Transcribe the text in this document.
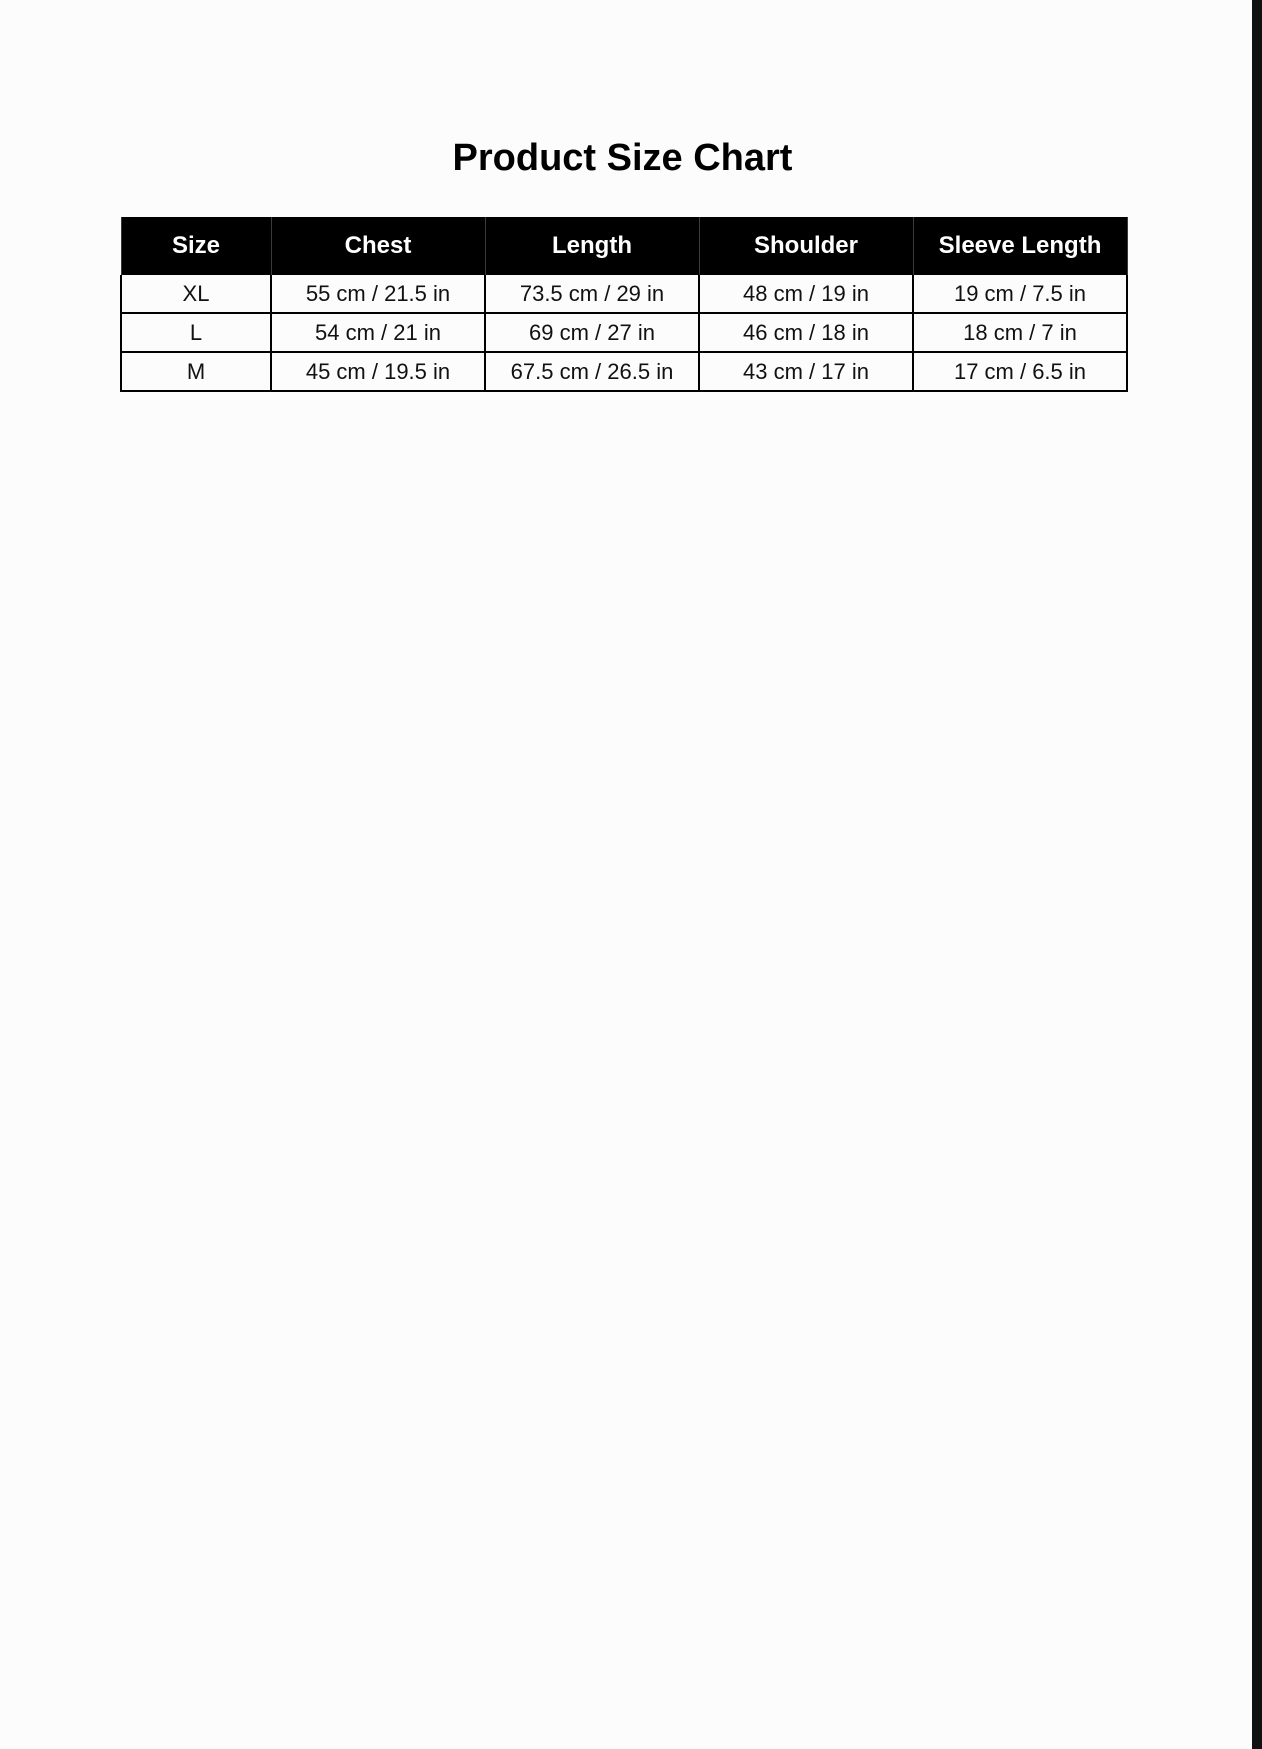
Product Size Chart
Size	Chest	Length	Shoulder	Sleeve Length
XL	55 cm / 21.5 in	73.5 cm / 29 in	48 cm / 19 in	19 cm / 7.5 in
L	54 cm / 21 in	69 cm / 27 in	46 cm / 18 in	18 cm / 7 in
M	45 cm / 19.5 in	67.5 cm / 26.5 in	43 cm / 17 in	17 cm / 6.5 in
